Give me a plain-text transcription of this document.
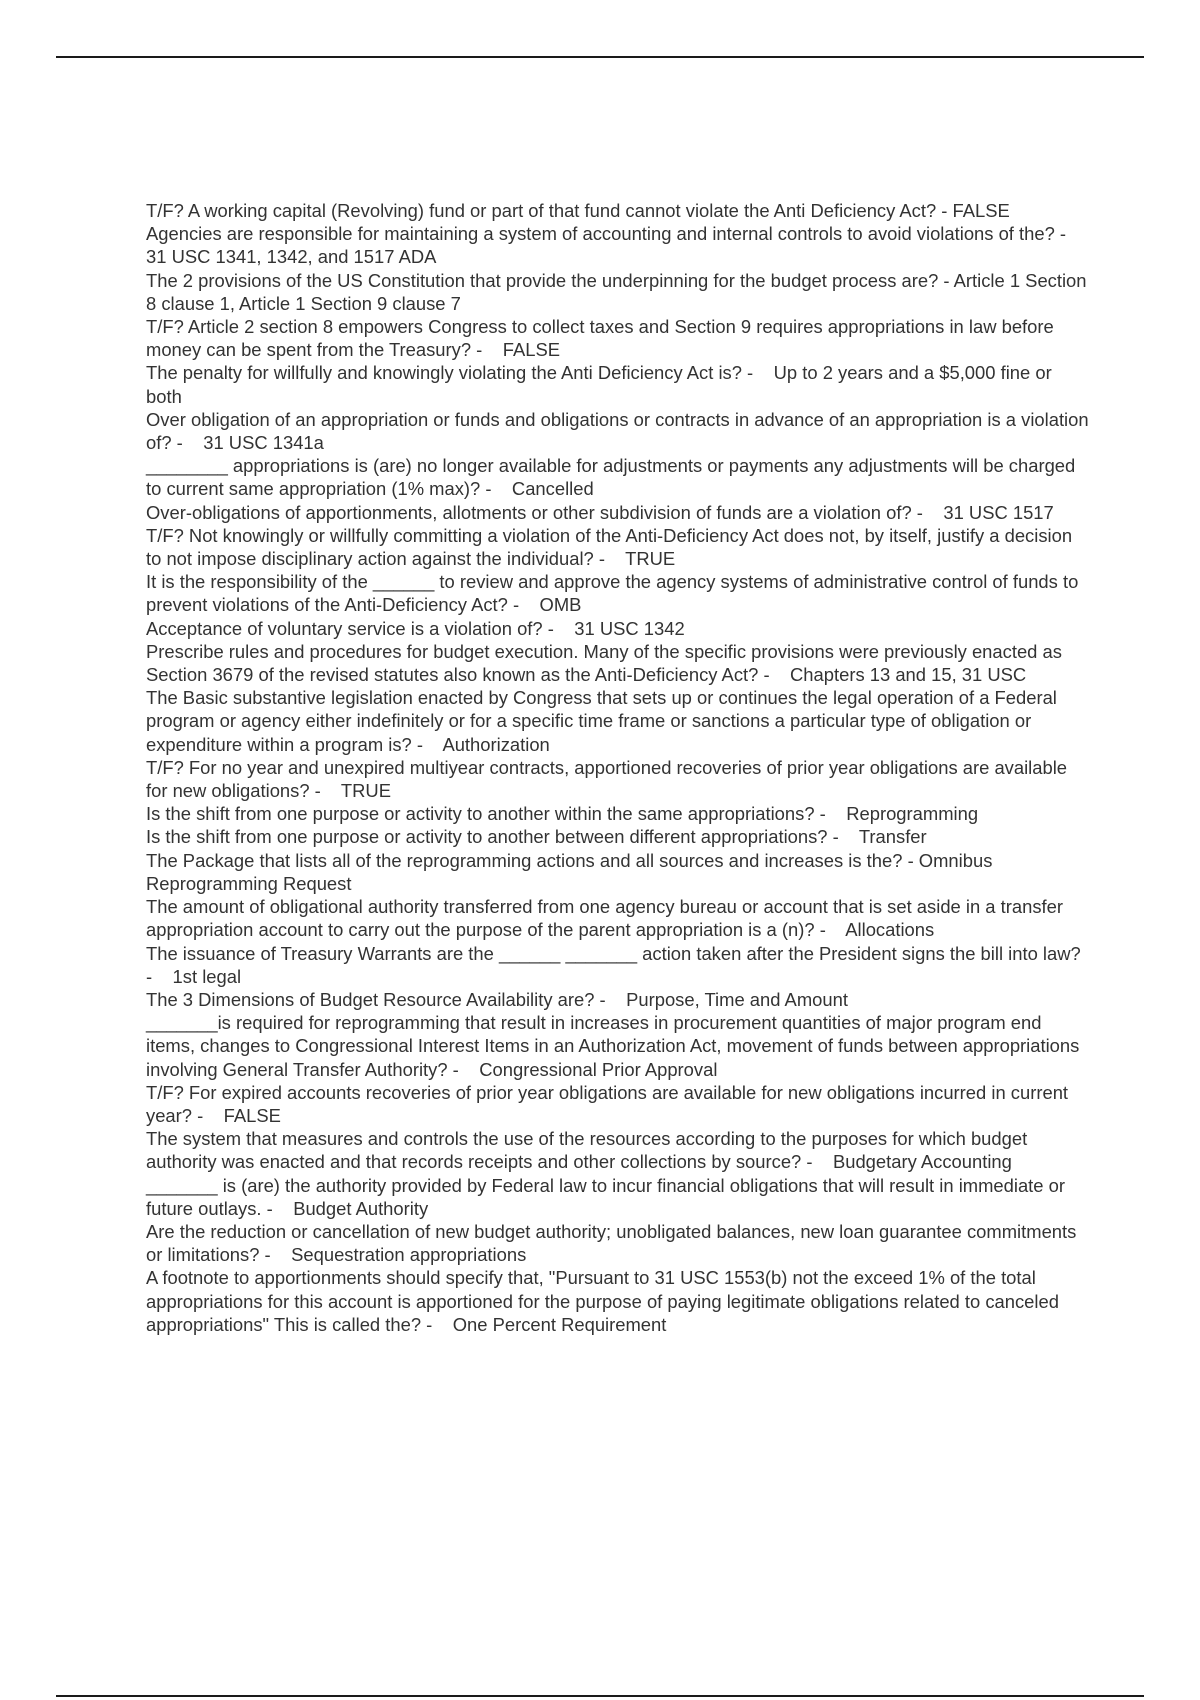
T/F? A working capital (Revolving) fund or part of that fund cannot violate the Anti Deficiency Act? - FALSE

Agencies are responsible for maintaining a system of accounting and internal controls to avoid violations of the? -    31 USC 1341, 1342, and 1517 ADA

The 2 provisions of the US Constitution that provide the underpinning for the budget process are? - Article 1 Section 8 clause 1, Article 1 Section 9 clause 7

T/F? Article 2 section 8 empowers Congress to collect taxes and Section 9 requires appropriations in law before money can be spent from the Treasury? -    FALSE

The penalty for willfully and knowingly violating the Anti Deficiency Act is? -    Up to 2 years and a $5,000 fine or both

Over obligation of an appropriation or funds and obligations or contracts in advance of an appropriation is a violation of? -    31 USC 1341a

________ appropriations is (are) no longer available for adjustments or payments any adjustments will be charged to current same appropriation (1% max)? -    Cancelled

Over-obligations of apportionments, allotments or other subdivision of funds are a violation of? -    31 USC 1517

T/F? Not knowingly or willfully committing a violation of the Anti-Deficiency Act does not, by itself, justify a decision to not impose disciplinary action against the individual? -    TRUE

It is the responsibility of the ______ to review and approve the agency systems of administrative control of funds to prevent violations of the Anti-Deficiency Act? -    OMB

Acceptance of voluntary service is a violation of? -    31 USC 1342

Prescribe rules and procedures for budget execution. Many of the specific provisions were previously enacted as Section 3679 of the revised statutes also known as the Anti-Deficiency Act? -    Chapters 13 and 15, 31 USC

The Basic substantive legislation enacted by Congress that sets up or continues the legal operation of a Federal program or agency either indefinitely or for a specific time frame or sanctions a particular type of obligation or expenditure within a program is? -    Authorization

T/F? For no year and unexpired multiyear contracts, apportioned recoveries of prior year obligations are available for new obligations? -    TRUE

Is the shift from one purpose or activity to another within the same appropriations? -    Reprogramming

Is the shift from one purpose or activity to another between different appropriations? -    Transfer

The Package that lists all of the reprogramming actions and all sources and increases is the? - Omnibus Reprogramming Request

The amount of obligational authority transferred from one agency bureau or account that is set aside in a transfer appropriation account to carry out the purpose of the parent appropriation is a (n)? -    Allocations

The issuance of Treasury Warrants are the ______ _______ action taken after the President signs the bill into law? -    1st legal

The 3 Dimensions of Budget Resource Availability are? -    Purpose, Time and Amount

_______is required for reprogramming that result in increases in procurement quantities of major program end items, changes to Congressional Interest Items in an Authorization Act, movement of funds between appropriations involving General Transfer Authority? -    Congressional Prior Approval

T/F? For expired accounts recoveries of prior year obligations are available for new obligations incurred in current year? -    FALSE

The system that measures and controls the use of the resources according to the purposes for which budget authority was enacted and that records receipts and other collections by source? -    Budgetary Accounting

_______ is (are) the authority provided by Federal law to incur financial obligations that will result in immediate or future outlays. -    Budget Authority

Are the reduction or cancellation of new budget authority; unobligated balances, new loan guarantee commitments or limitations? -    Sequestration appropriations

A footnote to apportionments should specify that, "Pursuant to 31 USC 1553(b) not the exceed 1% of the total appropriations for this account is apportioned for the purpose of paying legitimate obligations related to canceled appropriations" This is called the? -    One Percent Requirement
